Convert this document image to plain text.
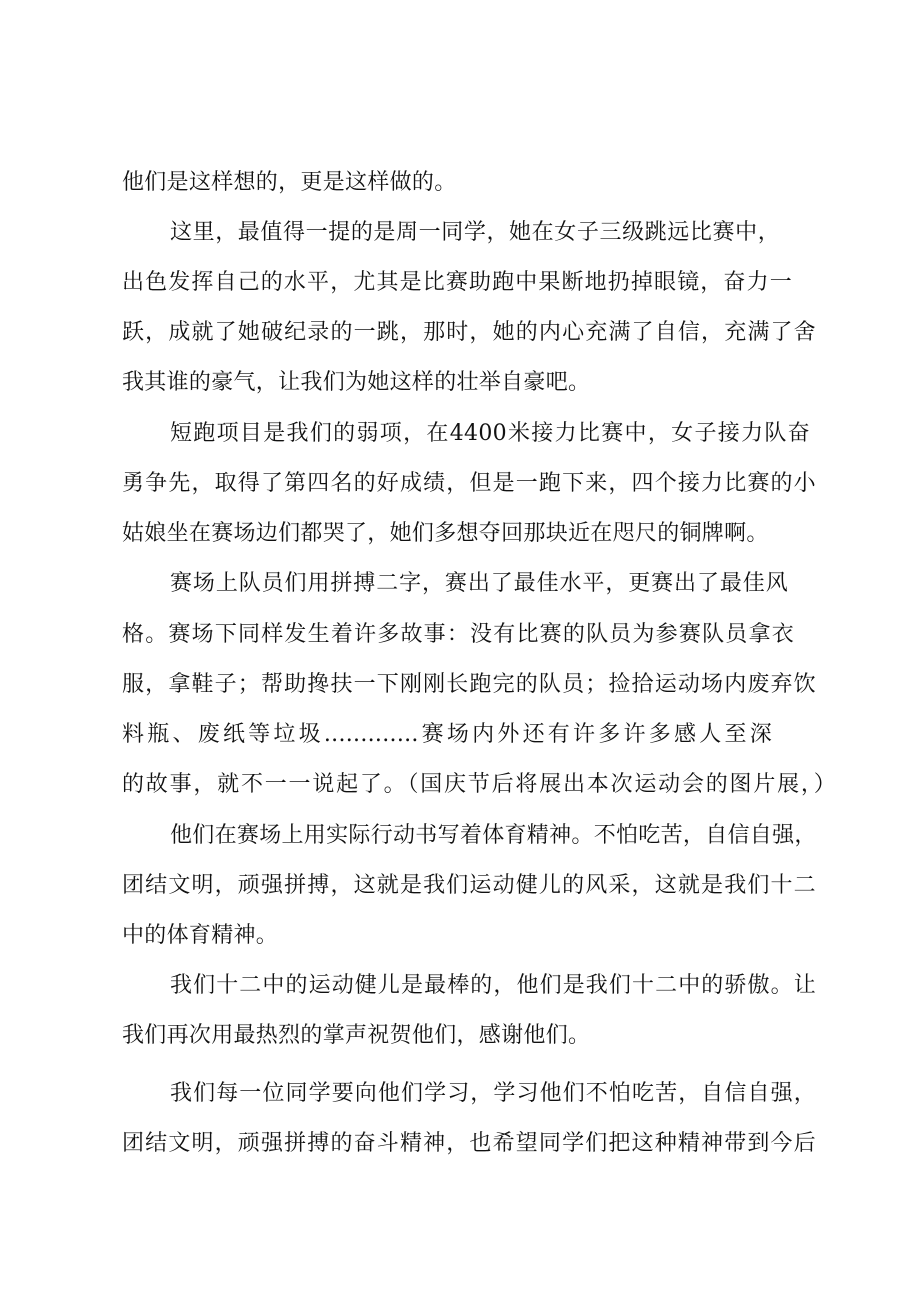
他们是这样想的，更是这样做的。
这里，最值得一提的是周一同学，她在女子三级跳远比赛中，
出色发挥自己的水平，尤其是比赛助跑中果断地扔掉眼镜，奋力一
跃，成就了她破纪录的一跳，那时，她的内心充满了自信，充满了舍
我其谁的豪气，让我们为她这样的壮举自豪吧。
短跑项目是我们的弱项，在4400米接力比赛中，女子接力队奋
勇争先，取得了第四名的好成绩，但是一跑下来，四个接力比赛的小
姑娘坐在赛场边们都哭了，她们多想夺回那块近在咫尺的铜牌啊。
赛场上队员们用拼搏二字，赛出了最佳水平，更赛出了最佳风
格。赛场下同样发生着许多故事：没有比赛的队员为参赛队员拿衣
服，拿鞋子；帮助搀扶一下刚刚长跑完的队员；捡拾运动场内废弃饮
料瓶、废纸等垃圾.............赛场内外还有许多许多感人至深
的故事，就不一一说起了。（国庆节后将展出本次运动会的图片展，）
他们在赛场上用实际行动书写着体育精神。不怕吃苦，自信自强，
团结文明，顽强拼搏，这就是我们运动健儿的风采，这就是我们十二
中的体育精神。
我们十二中的运动健儿是最棒的，他们是我们十二中的骄傲。让
我们再次用最热烈的掌声祝贺他们，感谢他们。
我们每一位同学要向他们学习，学习他们不怕吃苦，自信自强，
团结文明，顽强拼搏的奋斗精神，也希望同学们把这种精神带到今后
